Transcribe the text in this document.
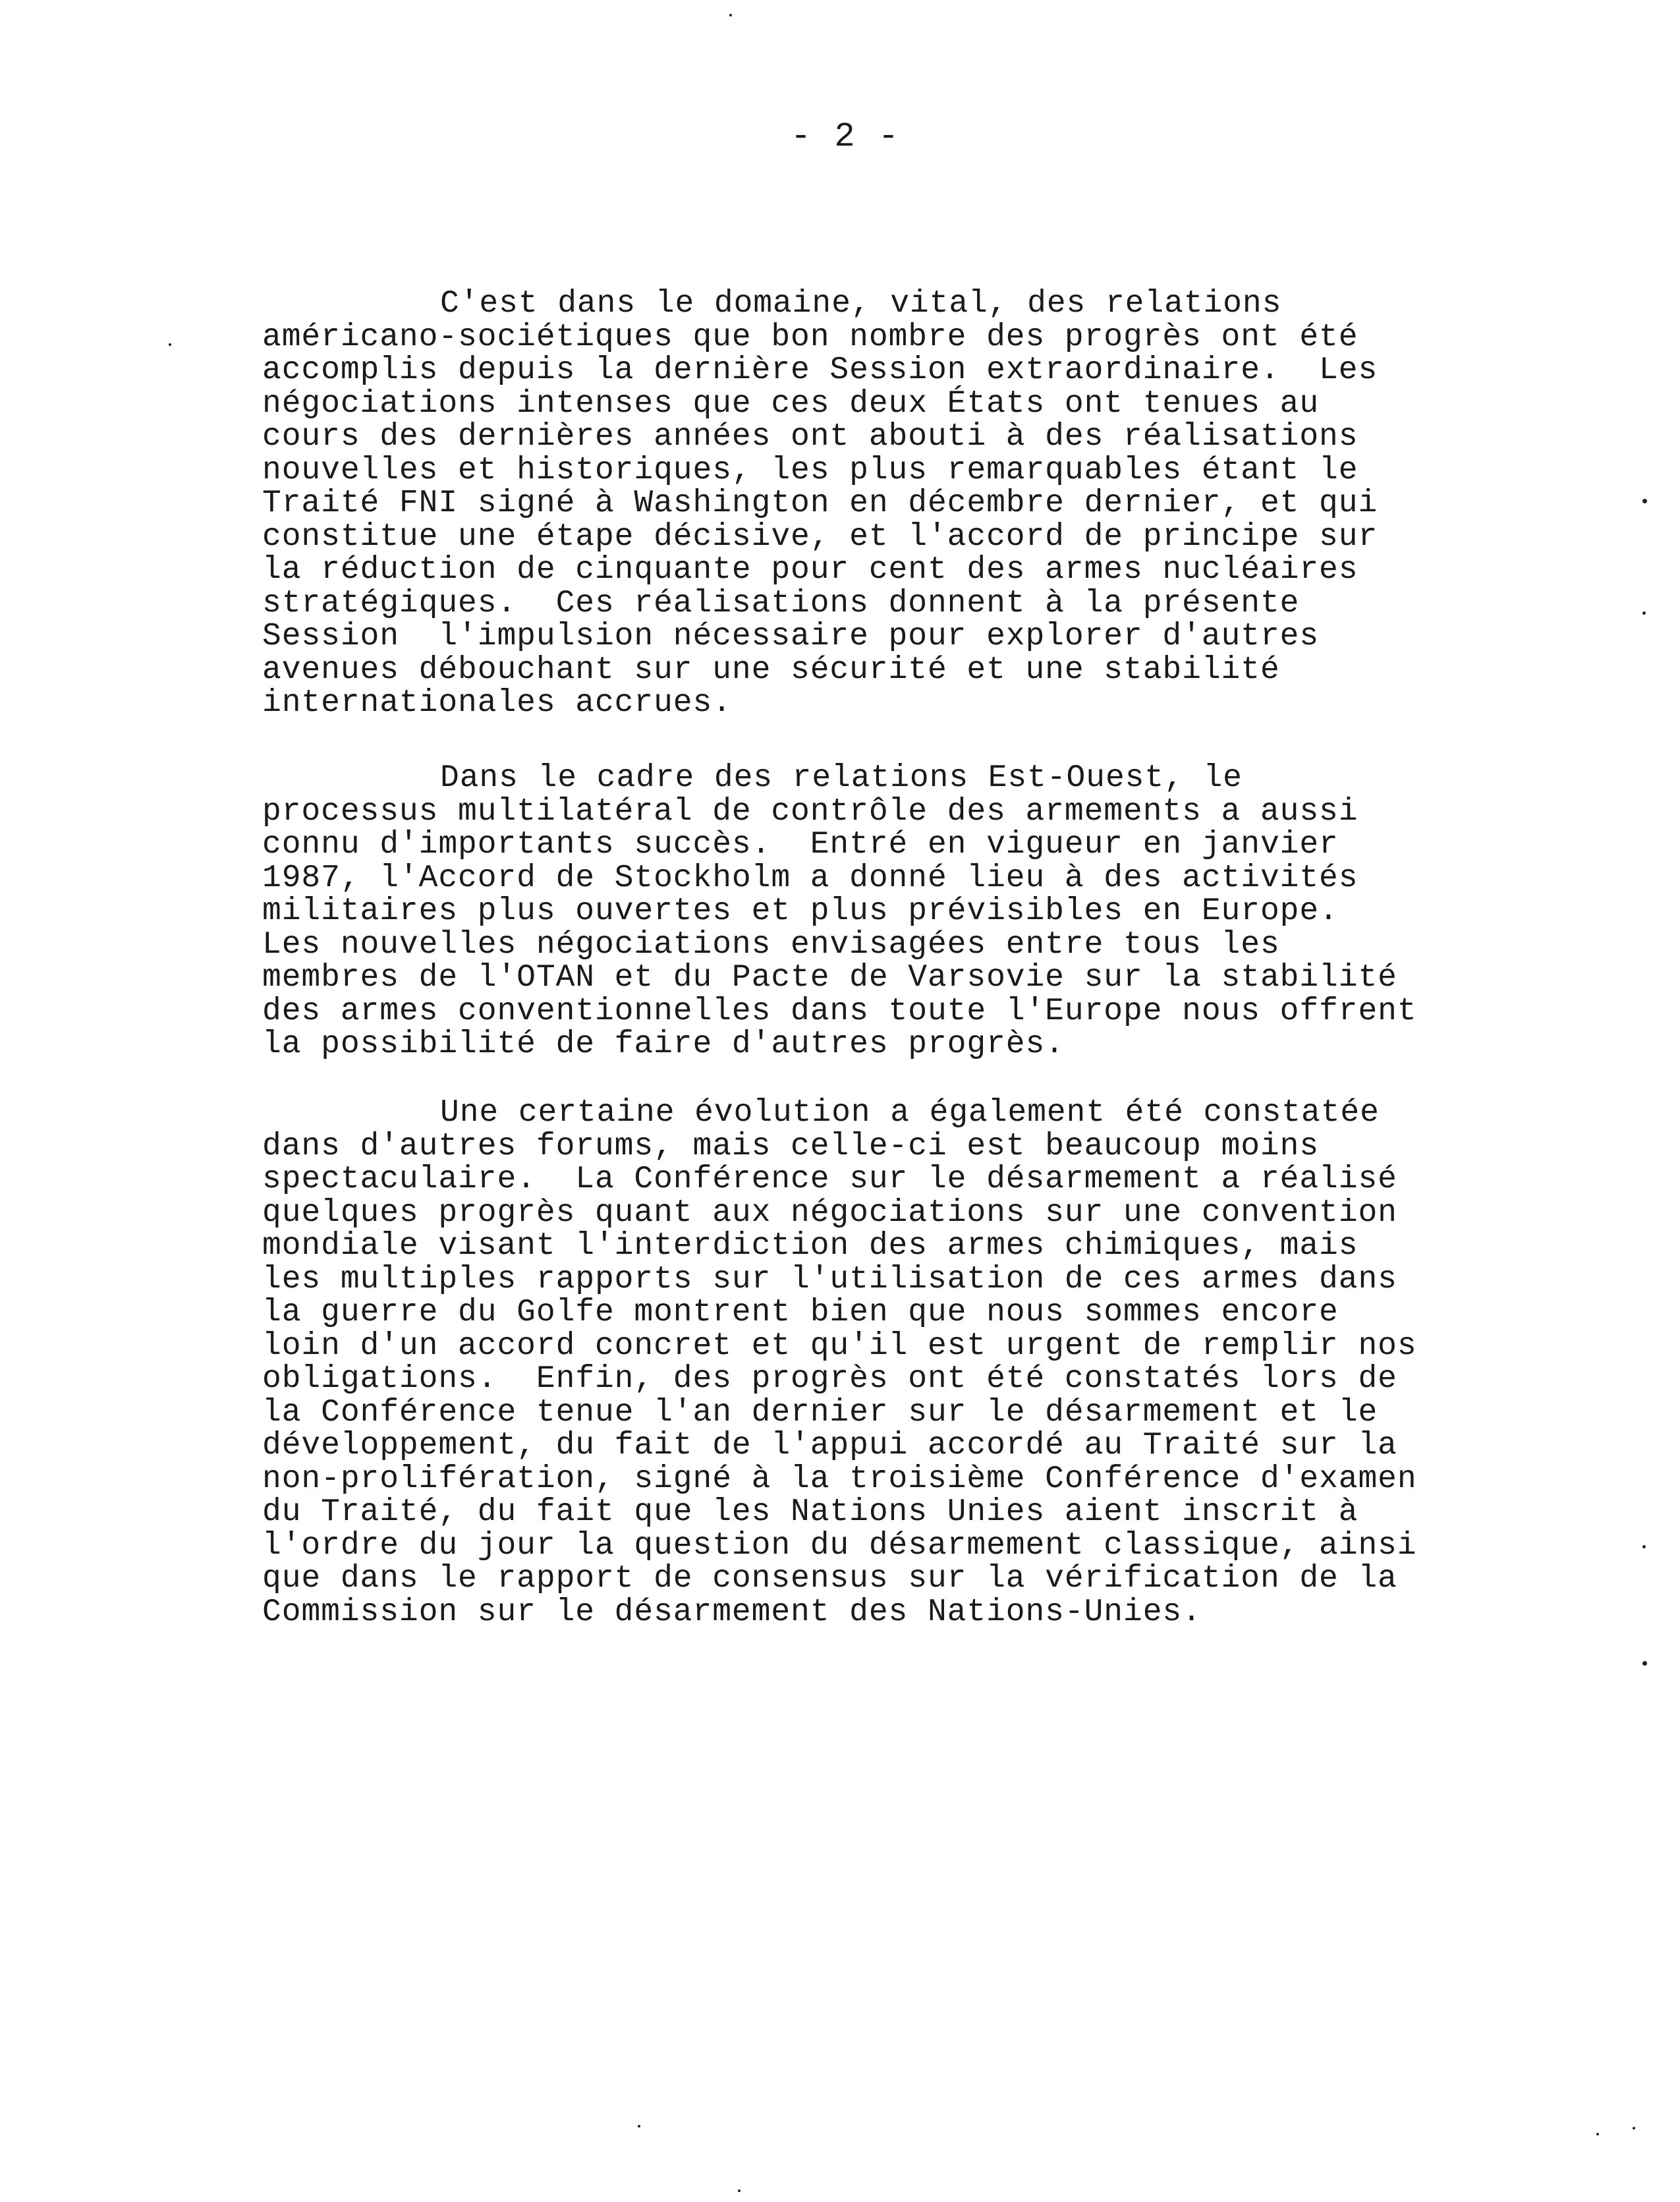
- 2 -

C'est dans le domaine, vital, des relations
américano-sociétiques que bon nombre des progrès ont été
accomplis depuis la dernière Session extraordinaire.  Les
négociations intenses que ces deux États ont tenues au
cours des dernières années ont abouti à des réalisations
nouvelles et historiques, les plus remarquables étant le
Traité FNI signé à Washington en décembre dernier, et qui
constitue une étape décisive, et l'accord de principe sur
la réduction de cinquante pour cent des armes nucléaires
stratégiques.  Ces réalisations donnent à la présente
Session  l'impulsion nécessaire pour explorer d'autres
avenues débouchant sur une sécurité et une stabilité
internationales accrues.

Dans le cadre des relations Est-Ouest, le
processus multilatéral de contrôle des armements a aussi
connu d'importants succès.  Entré en vigueur en janvier
1987, l'Accord de Stockholm a donné lieu à des activités
militaires plus ouvertes et plus prévisibles en Europe.
Les nouvelles négociations envisagées entre tous les
membres de l'OTAN et du Pacte de Varsovie sur la stabilité
des armes conventionnelles dans toute l'Europe nous offrent
la possibilité de faire d'autres progrès.

Une certaine évolution a également été constatée
dans d'autres forums, mais celle-ci est beaucoup moins
spectaculaire.  La Conférence sur le désarmement a réalisé
quelques progrès quant aux négociations sur une convention
mondiale visant l'interdiction des armes chimiques, mais
les multiples rapports sur l'utilisation de ces armes dans
la guerre du Golfe montrent bien que nous sommes encore
loin d'un accord concret et qu'il est urgent de remplir nos
obligations.  Enfin, des progrès ont été constatés lors de
la Conférence tenue l'an dernier sur le désarmement et le
développement, du fait de l'appui accordé au Traité sur la
non-prolifération, signé à la troisième Conférence d'examen
du Traité, du fait que les Nations Unies aient inscrit à
l'ordre du jour la question du désarmement classique, ainsi
que dans le rapport de consensus sur la vérification de la
Commission sur le désarmement des Nations-Unies.
